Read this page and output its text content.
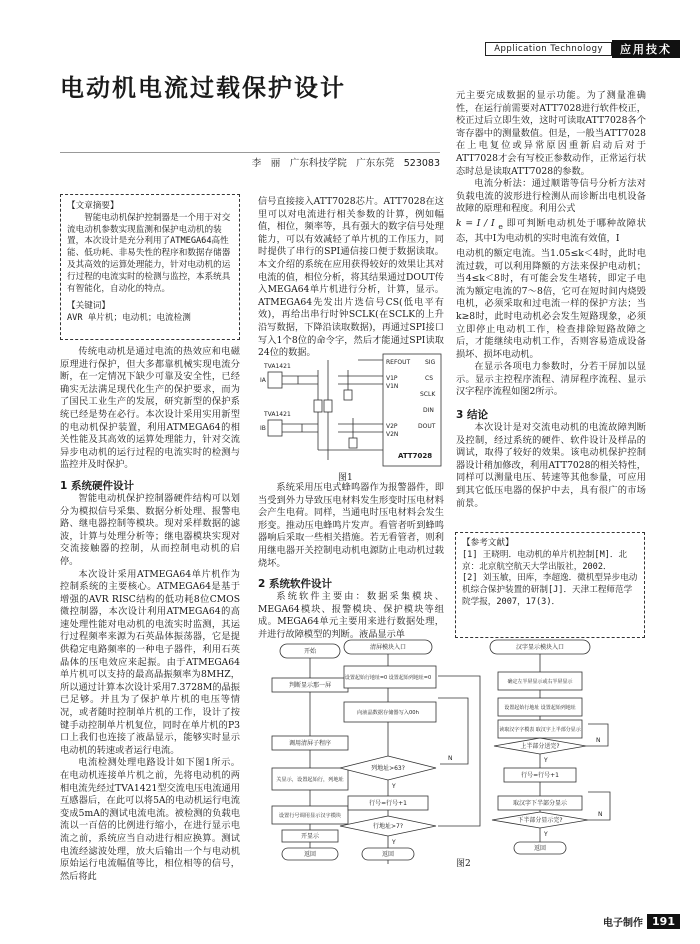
Application Technology	应用技术
电动机电流过载保护设计
李　丽　广东科技学院　广东东莞　523083
【文章摘要】
智能电动机保护控制器是一个用于对交流电动机参数实现监测和保护电动机的装置，本次设计是充分利用了ATMEGA64高性能、低功耗、非易失性的程序和数据存储器及其高效的运算处理能力，针对电动机的运行过程的电流实时的检测与监控，本系统具有智能化，自动化的特点。
【关键词】
AVR 单片机；电动机；电流检测

传统电动机是通过电流的热效应和电磁原理进行保护，但大多都靠机械实现电流分断，在一定情况下缺少可靠及安全性，已经确实无法满足现代化生产的保护要求，而为了国民工业生产的发展，研究新型的保护系统已经是势在必行。本次设计采用实用新型的电动机保护装置，利用ATMEGA64的相关性能及其高效的运算处理能力，针对交流异步电动机的运行过程的电流实时的检测与监控并及时保护。

1 系统硬件设计

智能电动机保护控制器硬件结构可以划分为模拟信号采集、数据分析处理、报警电路、继电器控制等模块。现对采样数据的滤波，计算与处理分析等；继电器模块实现对交流接触器的控制，从而控制电动机的启停。

本次设计采用ATMEGA64单片机作为控制系统的主要核心。ATMEGA64是基于增强的AVR RISC结构的低功耗8位CMOS微控制器，本次设计利用ATMEGA64的高速处理性能对电动机的电流实时监测，其运行过程频率来源为石英晶体振荡器，它是提供稳定电路频率的一种电子器件，利用石英晶体的压电效应来起振。由于ATMEGA64单片机可以支持的最高晶振频率为8MHZ，所以通过计算本次设计采用7.3728M的晶振已足够。并且为了保护单片机的电压等情况，或者随时控制单片机的工作，设计了按键手动控制单片机复位，同时在单片机的P3口上我们也连接了液晶显示，能够实时显示电动机的转速或者运行电流。

电流检测处理电路设计如下图1所示。在电动机连接单片机之前，先将电动机的两相电流先经过TVA1421型交流电压电流通用互感器后，在此可以将5A的电动机运行电流变成5mA的测试电流电流。被检测的负载电流以一百倍的比例进行缩小，在进行显示电流之前，系统应当自动进行相应换算。测试电流经滤波处理，放大后输出一个与电动机原始运行电流幅值等比，相位相等的信号，然后将此

信号直接接入ATT7028芯片。ATT7028在这里可以对电流进行相关参数的计算，例如幅值，相位，频率等，具有强大的数字信号处理能力，可以有效减轻了单片机的工作压力，同时提供了串行的SPI通信接口便于数据读取。本文介绍的系统在应用获得较好的效果让其对电流的值，相位分析，将其结果通过DOUT传入MEGA64单片机进行分析，计算，显示。ATMEGA64先发出片选信号CS(低电平有效)，再给出串行时钟SCLK(在SCLK的上升沿写数据，下降沿读取数据)，再通过SPI接口写入1个8位的命令字，然后才能通过SPI读取24位的数据。

IA
IB
TVA1421
TVA1421
REFOUT
V1P
V1N
V2P
V2N
SIG
CS
SCLK
DIN
DOUT
ATT7028
图1

系统采用压电式蜂鸣器作为报警器件，即当受到外力导致压电材料发生形变时压电材料会产生电荷。同样，当通电时压电材料会发生形变。推动压电蜂鸣片发声。看管者听到蜂鸣器响后采取一些相关措施。若无看管者，则利用继电器开关控制电动机电源防止电动机过载烧坏。

2 系统软件设计

系统软件主要由：数据采集模块、MEGA64模块、报警模块、保护模块等组成。MEGA64单元主要用来进行数据处理，并进行故障模型的判断。液晶显示单

开始
判断显示那一屏
调用清屏子程序
关显示，设置起始行，列地址
设置行号调用显示汉字模块
开显示
返回
清屏模块入口
设置起始行地址=0 设置起始列地址=0
向液晶数据存储器写入00h
列地址>63?
N
Y
行号=行号+1
行地址>7?
Y
返回
汉字显示模块入口
确定左半屏显示或右半屏显示
设置起始行地址 设置起始列地址
读取汉字字模表 取汉字上半部分显示
上半部分送完?
N
Y
行号=行号+1
取汉字下半部分显示
下半部分显示完?
N
Y
返回
图2

元主要完成数据的显示功能。为了测量准确性，在运行前需要对ATT7028进行软件校正，校正过后立即生效，这时可读取ATT7028各个寄存器中的测量数值。但是，一般当ATT7028在上电复位或异常原因重新启动后对于ATT7028才会有写校正参数动作，正常运行状态时总是读取ATT7028的参数。

电流分析法：通过顺谐等信号分析方法对负载电流的波形进行检测从而诊断出电机设备故障的原理和程度。利用公式

k = I / I $_e$ 即可判断电动机处于哪种故障状态，其中I为电动机的实时电流有效值，I

电动机的额定电流。当1.05≤k＜4时，此时电流过载，可以利用降额的方法来保护电动机；当4≤k＜8时，有可能会发生堵转，即定子电流为额定电流的7～8倍，它可在短时间内烧毁电机，必须采取和过电流一样的保护方法；当k≥8时，此时电动机必会发生短路现象，必须立即停止电动机工作，检查排除短路故障之后，才能继续电动机工作，否则容易造成设备损坏、损坏电动机。

在显示各项电力参数时，分若干屏加以显示。显示主控程序流程、清屏程序流程、显示汉字程序流程如图2所示。

3 结论

本次设计是对交流电动机的电流故障判断及控制，经过系统的硬件、软件设计及样品的调试，取得了较好的效果。该电动机保护控制器设计稍加修改，利用ATT7028的相关特性，同样可以测量电压、转速等其他参量，可应用到其它低压电器的保护中去，具有很广的市场前景。

【参考文献】
[1] 王晓明．电动机的单片机控制[M]．北京：北京航空航天大学出版社，2002．
[2] 刘玉敏，田库，李超逸．微机型异步电动机综合保护装置的研制[J]．天津工程师范学院学报，2007，17(3)．
电子制作 191
